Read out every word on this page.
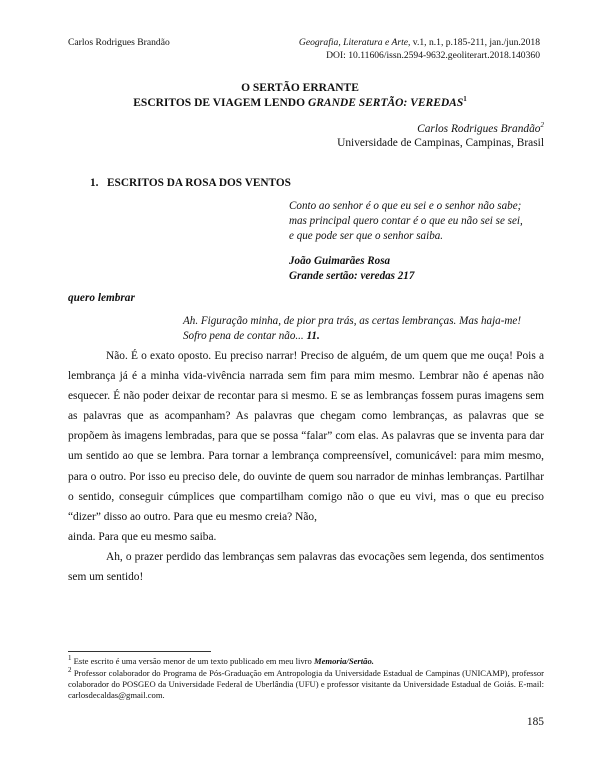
Carlos Rodrigues Brandão	Geografia, Literatura e Arte, v.1, n.1, p.185-211, jan./jun.2018
DOI: 10.11606/issn.2594-9632.geoliterart.2018.140360
O SERTÃO ERRANTE
ESCRITOS DE VIAGEM LENDO GRANDE SERTÃO: VEREDAS$^1$
Carlos Rodrigues Brandão$^2$
Universidade de Campinas, Campinas, Brasil
1. ESCRITOS DA ROSA DOS VENTOS
Conto ao senhor é o que eu sei e o senhor não sabe;
mas principal quero contar é o que eu não sei se sei,
e que pode ser que o senhor saiba.
João Guimarães Rosa
Grande sertão: veredas 217
quero lembrar
Ah. Figuração minha, de pior pra trás, as certas lembranças. Mas haja-me!
Sofro pena de contar não... 11.

Não. É o exato oposto. Eu preciso narrar! Preciso de alguém, de um quem que me ouça! Pois a lembrança já é a minha vida-vivência narrada sem fim para mim mesmo. Lembrar não é apenas não esquecer. É não poder deixar de recontar para si mesmo. E se as lembranças fossem puras imagens sem as palavras que as acompanham? As palavras que chegam como lembranças, as palavras que se propõem às imagens lembradas, para que se possa “falar” com elas. As palavras que se inventa para dar um sentido ao que se lembra. Para tornar a lembrança compreensível, comunicável: para mim mesmo, para o outro. Por isso eu preciso dele, do ouvinte de quem sou narrador de minhas lembranças. Partilhar o sentido, conseguir cúmplices que compartilham comigo não o que eu vivi, mas o que eu preciso “dizer” disso ao outro. Para que eu mesmo creia? Não,

ainda. Para que eu mesmo saiba.

Ah, o prazer perdido das lembranças sem palavras das evocações sem legenda, dos sentimentos sem um sentido!

$^1$ Este escrito é uma versão menor de um texto publicado em meu livro Memoria/Sertão.
$^2$ Professor colaborador do Programa de Pós-Graduação em Antropologia da Universidade Estadual de Campinas (UNICAMP), professor colaborador do POSGEO da Universidade Federal de Uberlândia (UFU) e professor visitante da Universidade Estadual de Goiás. E-mail: carlosdecaldas@gmail.com.
185
